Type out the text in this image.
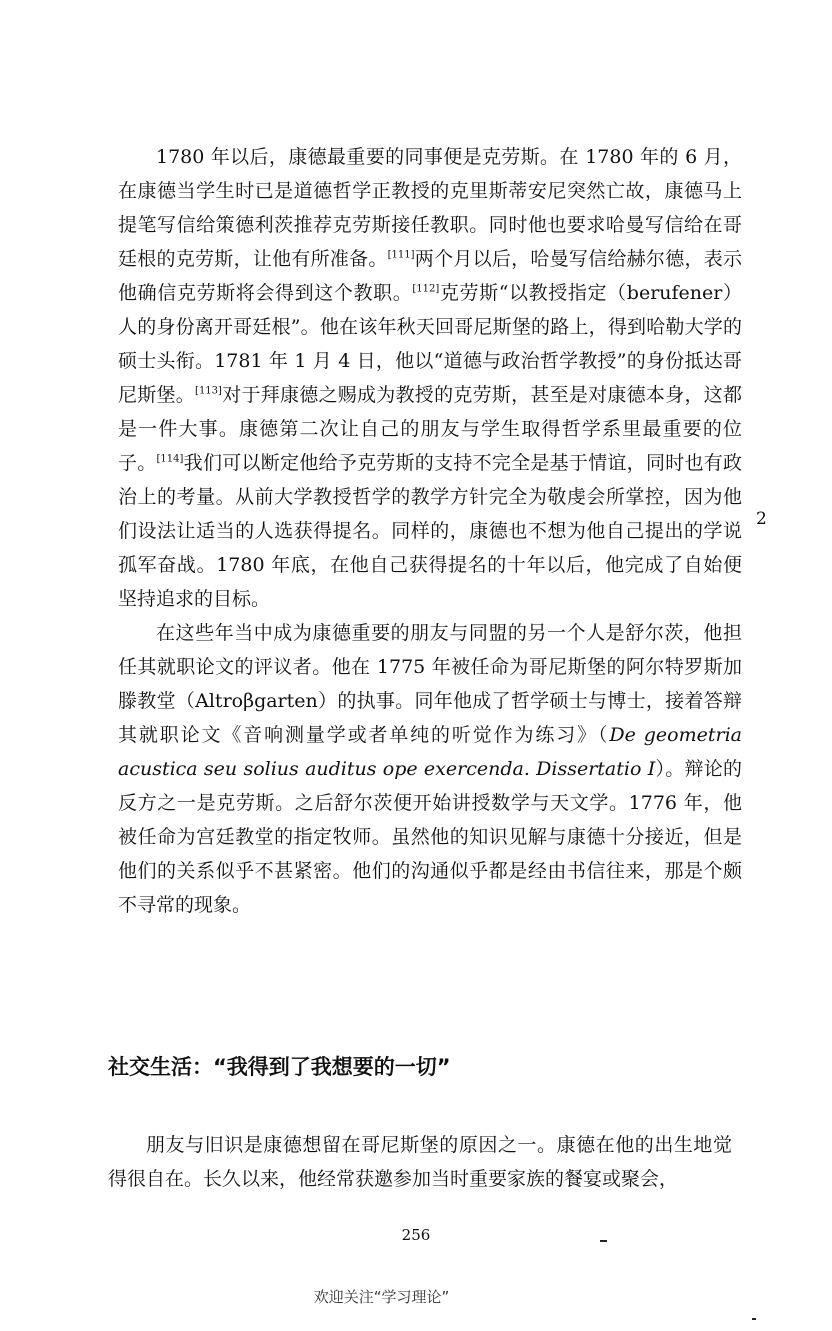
1780 年以后，康德最重要的同事便是克劳斯。在 1780 年的 6 月，在康德当学生时已是道德哲学正教授的克里斯蒂安尼突然亡故，康德马上提笔写信给策德利茨推荐克劳斯接任教职。同时他也要求哈曼写信给在哥廷根的克劳斯，让他有所准备。[111]两个月以后，哈曼写信给赫尔德，表示他确信克劳斯将会得到这个教职。[112]克劳斯“以教授指定（berufener）人的身份离开哥廷根”。他在该年秋天回哥尼斯堡的路上，得到哈勒大学的硕士头衔。1781 年 1 月 4 日，他以“道德与政治哲学教授”的身份抵达哥尼斯堡。[113]对于拜康德之赐成为教授的克劳斯，甚至是对康德本身，这都是一件大事。康德第二次让自己的朋友与学生取得哲学系里最重要的位子。[114]我们可以断定他给予克劳斯的支持不完全是基于情谊，同时也有政治上的考量。从前大学教授哲学的教学方针完全为敬虔会所掌控，因为他们设法让适当的人选获得提名。同样的，康德也不想为他自己提出的学说孤军奋战。1780 年底，在他自己获得提名的十年以后，他完成了自始便坚持追求的目标。

在这些年当中成为康德重要的朋友与同盟的另一个人是舒尔茨，他担任其就职论文的评议者。他在 1775 年被任命为哥尼斯堡的阿尔特罗斯加滕教堂（Altroβgarten）的执事。同年他成了哲学硕士与博士，接着答辩其就职论文《音响测量学或者单纯的听觉作为练习》（De geometria acustica seu solius auditus ope exercenda. Dissertatio I）。辩论的反方之一是克劳斯。之后舒尔茨便开始讲授数学与天文学。1776 年，他被任命为宫廷教堂的指定牧师。虽然他的知识见解与康德十分接近，但是他们的关系似乎不甚紧密。他们的沟通似乎都是经由书信往来，那是个颇不寻常的现象。

社交生活：“我得到了我想要的一切”

朋友与旧识是康德想留在哥尼斯堡的原因之一。康德在他的出生地觉得很自在。长久以来，他经常获邀参加当时重要家族的餐宴或聚会，

256
欢迎关注“学习理论”
2
